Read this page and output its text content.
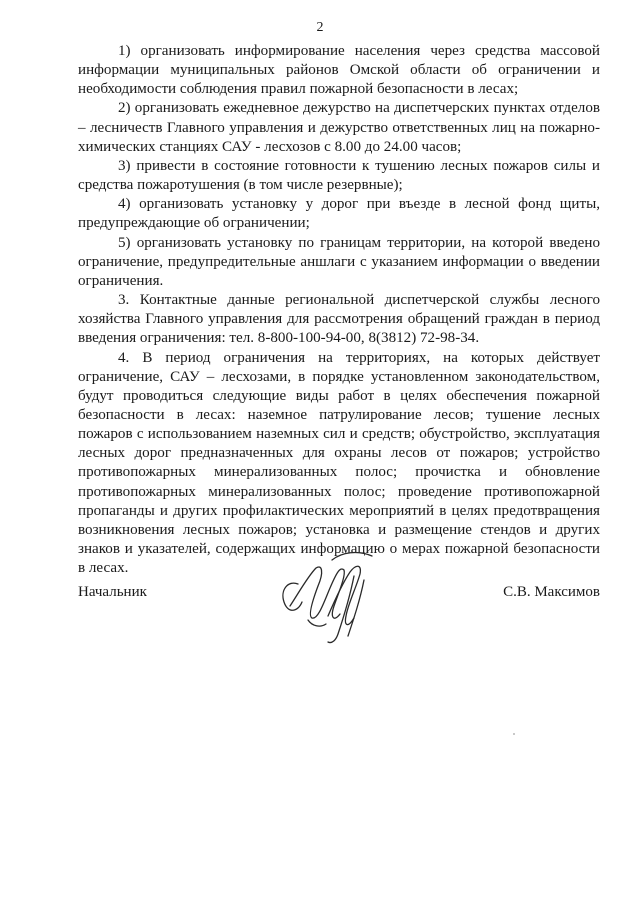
2

1) организовать информирование населения через средства массовой информации муниципальных районов Омской области об ограничении и необходимости соблюдения правил пожарной безопасности в лесах;

2) организовать ежедневное дежурство на диспетчерских пунктах отделов – лесничеств Главного управления и дежурство ответственных лиц на пожарно-химических станциях САУ - лесхозов с 8.00 до 24.00 часов;

3) привести в состояние готовности к тушению лесных пожаров силы и средства пожаротушения (в том числе резервные);

4) организовать установку у дорог при въезде в лесной фонд щиты, предупреждающие об ограничении;

5) организовать установку по границам территории, на которой введено ограничение, предупредительные аншлаги с указанием информации о введении ограничения.

3. Контактные данные региональной диспетчерской службы лесного хозяйства Главного управления для рассмотрения обращений граждан в период введения ограничения: тел. 8-800-100-94-00, 8(3812) 72-98-34.

4. В период ограничения на территориях, на которых действует ограничение, САУ – лесхозами, в порядке установленном законодательством, будут проводиться следующие виды работ в целях обеспечения пожарной безопасности в лесах: наземное патрулирование лесов; тушение лесных пожаров с использованием наземных сил и средств; обустройство, эксплуатация лесных дорог предназначенных для охраны лесов от пожаров; устройство противопожарных минерализованных полос; прочистка и обновление противопожарных минерализованных полос; проведение противопожарной пропаганды и других профилактических мероприятий в целях предотвращения возникновения лесных пожаров; установка и размещение стендов и других знаков и указателей, содержащих информацию о мерах пожарной безопасности в лесах.

Начальник	С.В. Максимов
